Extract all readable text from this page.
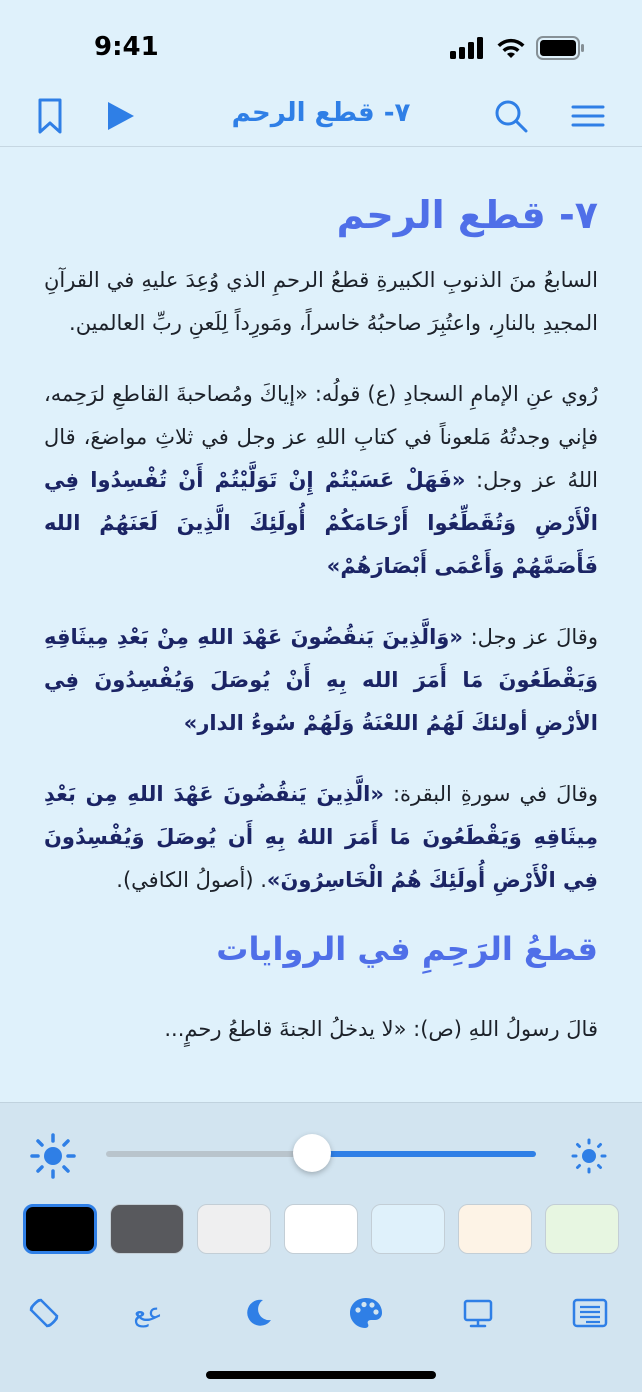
9:41
٧- قطع الرحم
٧- قطع الرحم

السابعُ منَ الذنوبِ الكبيرةِ قطعُ الرحمِ الذي وُعِدَ عليهِ في القرآنِ المجيدِ بالنارِ، واعتُبِرَ صاحبُهُ خاسراً، ومَورِداً لِلَعنِ ربِّ العالمين.

رُوي عنِ الإمامِ السجادِ (ع) قولُه: «إياكَ ومُصاحبةَ القاطعِ لرَحِمه، فإني وجدتُهُ مَلعوناً في كتابِ اللهِ عز وجل في ثلاثِ مواضعَ، قال اللهُ عز وجل: «فَهَلْ عَسَيْتُمْ إِنْ تَوَلَّيْتُمْ أَنْ تُفْسِدُوا فِي الْأَرْضِ وَتُقَطِّعُوا أَرْحَامَكُمْ أُولَئِكَ الَّذِينَ لَعَنَهُمُ الله فَأَصَمَّهُمْ وَأَعْمَى أَبْصَارَهُمْ»

وقالَ عز وجل: «وَالَّذِينَ يَنقُضُونَ عَهْدَ اللهِ مِنْ بَعْدِ مِيثَاقِهِ وَيَقْطَعُونَ مَا أَمَرَ الله بِهِ أَنْ يُوصَلَ وَيُفْسِدُونَ فِي الأرْضِ أولئكَ لَهُمُ اللعْنَةُ وَلَهُمْ سُوءُ الدار»

وقالَ في سورةِ البقرة: «الَّذِينَ يَنقُضُونَ عَهْدَ اللهِ مِن بَعْدِ مِيثَاقِهِ وَيَقْطَعُونَ مَا أَمَرَ اللهُ بِهِ أَن يُوصَلَ وَيُفْسِدُونَ فِي الْأَرْضِ أُولَئِكَ هُمُ الْخَاسِرُونَ». (أصولُ الكافي).

قطعُ الرَحِمِ في الروايات
قالَ رسولُ اللهِ (ص): «لا يدخلُ الجنةَ قاطعُ رحمٍ...
عع
